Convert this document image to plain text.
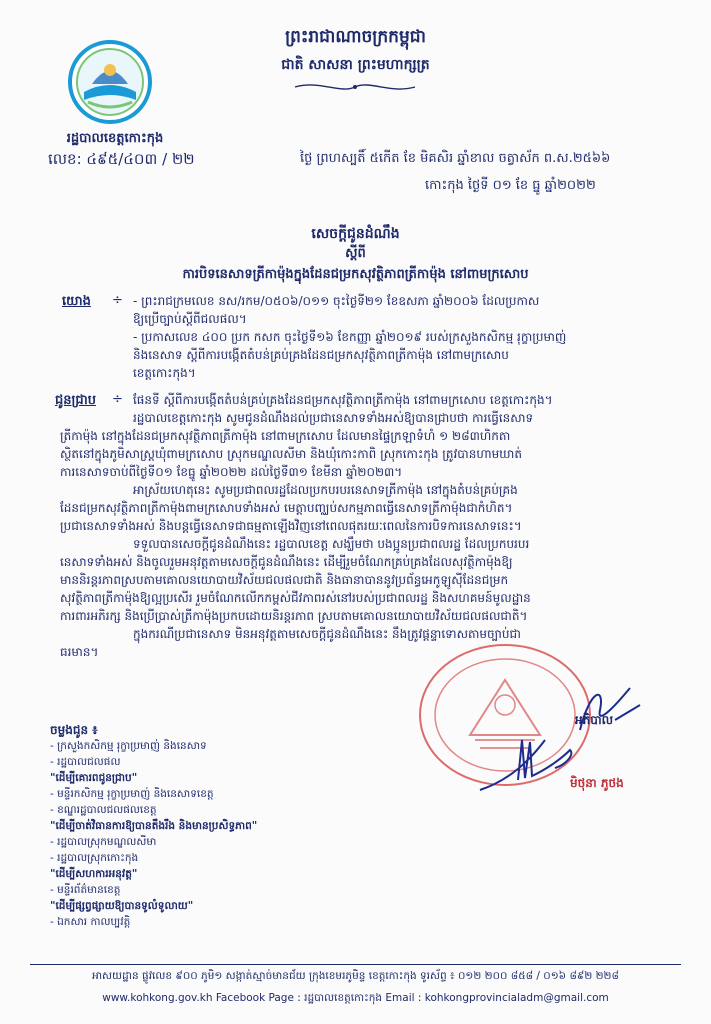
ព្រះរាជាណាចក្រកម្ពុជា
ជាតិ សាសនា ព្រះមហាក្សត្រ
រដ្ឋបាលខេត្តកោះកុង
លេខ: ៤៩៥/៤០៣ / ២២	ថ្ងៃ ព្រហស្បតិ៍ ៥កើត ខែ មិគសិរ ឆ្នាំខាល ចត្វាស័ក ព.ស.២៥៦៦
កោះកុង ថ្ងៃទី ០១ ខែ ធ្នូ ឆ្នាំ២០២២
សេចក្តីជូនដំណឹង
ស្តីពី
ការបិទនេសាទត្រីកាម៉ុងក្នុងដែនជម្រកសុវត្ថិភាពត្រីកាម៉ុង នៅពាមក្រសោប
យោង ÷ - ព្រះរាជក្រមលេខ នស/រកម/០៥០៦/០១១ ចុះថ្ងៃទី២១ ខែឧសភា ឆ្នាំ២០០៦ ដែលប្រកាស
ឱ្យប្រើច្បាប់ស្តីពីជលផល។
- ប្រកាសលេខ ៤០០ ប្រក កសក ចុះថ្ងៃទី១៦ ខែកញ្ញា ឆ្នាំ២០១៩ របស់ក្រសួងកសិកម្ម រុក្ខាប្រមាញ់
និងនេសាទ ស្តីពីការបង្កើតតំបន់គ្រប់គ្រងដែនជម្រកសុវត្ថិភាពត្រីកាម៉ុង នៅពាមក្រសោប
ខេត្តកោះកុង។
ជូនជ្រាប ÷ ផែនទី ស្តីពីការបង្កើតតំបន់គ្រប់គ្រងដែនជម្រកសុវត្ថិភាពត្រីកាម៉ុង នៅពាមក្រសោប ខេត្តកោះកុង។
រដ្ឋបាលខេត្តកោះកុង សូមជូនដំណឹងដល់ប្រជានេសាទទាំងអស់ឱ្យបានជ្រាបថា ការធ្វើនេសាទ
ត្រីកាម៉ុង នៅក្នុងដែនជម្រកសុវត្ថិភាពត្រីកាម៉ុង នៅពាមក្រសោប ដែលមានផ្ទៃក្រឡាទំហំ ១ ២៨៣ហិកតា
ស្ថិតនៅក្នុងភូមិសាស្ត្រឃុំពាមក្រសោប ស្រុកមណ្ឌលសីមា និងឃុំកោះកាពិ ស្រុកកោះកុង ត្រូវបានហាមឃាត់
ការនេសាទចាប់ពីថ្ងៃទី០១ ខែធ្នូ ឆ្នាំ២០២២ ដល់ថ្ងៃទី៣១ ខែមីនា ឆ្នាំ២០២៣។
អាស្រ័យហេតុនេះ សូមប្រជាពលរដ្ឋដែលប្រកបរបរនេសាទត្រីកាម៉ុង នៅក្នុងតំបន់គ្រប់គ្រង
ដែនជម្រកសុវត្ថិភាពត្រីកាម៉ុងពាមក្រសោបទាំងអស់ មេត្តាបញ្ឈប់សកម្មភាពធ្វើនេសាទត្រីកាម៉ុងជាកំហិត។
ប្រជានេសាទទាំងអស់ និងបន្តធ្វើនេសាទជាធម្មតាឡើងវិញនៅពេលផុតរយៈពេលនៃការបិទការនេសាទនេះ។
ទទួលបានសេចក្តីជូនដំណឹងនេះ រដ្ឋបាលខេត្ត សង្ឃឹមថា បងប្អូនប្រជាពលរដ្ឋ ដែលប្រកបរបរ
នេសាទទាំងអស់ និងចូលរួមអនុវត្តតាមសេចក្តីជូនដំណឹងនេះ ដើម្បីរួមចំណែកគ្រប់គ្រងដែលសុវត្ថិកាម៉ុងឱ្យ
មាននិរន្តរភាពស្របតាមគោលនយោបាយវិស័យជលផលជាតិ និងធានាបាននូវប្រព័ន្ធអេកូឡូស៊ីដែនជម្រក
សុវត្ថិភាពត្រីកាម៉ុងឱ្យល្អប្រសើរ រួមចំណែកលើកកម្ពស់ជីវភាពរស់នៅរបស់ប្រជាពលរដ្ឋ និងសហគមន៍មូលដ្ឋាន
ការពារអភិរក្ស និងប្រើប្រាស់ត្រីកាម៉ុងប្រកបដោយនិរន្តរភាព ស្របតាមគោលនយោបាយវិស័យជលផលជាតិ។
ក្នុងករណីប្រជានេសាទ មិនអនុវត្តតាមសេចក្តីជូនដំណឹងនេះ នឹងត្រូវផ្តន្ទាទោសតាមច្បាប់ជា
ធរមាន។
អភិបាល
មិថុនា ភូថង
ចម្លងជូន ៖
- ក្រសួងកសិកម្ម រុក្ខាប្រមាញ់ និងនេសាទ
- រដ្ឋបាលជលផល
"ដើម្បីគោរពជូនជ្រាប"
- មន្ទីរកសិកម្ម រុក្ខាប្រមាញ់ និងនេសាទខេត្ត
- ខណ្ឌរដ្ឋបាលជលផលខេត្ត
"ដើម្បីចាត់វិធានការឱ្យបានតឹងរឹង និងមានប្រសិទ្ធភាព"
- រដ្ឋបាលស្រុកមណ្ឌលសីមា
- រដ្ឋបាលស្រុកកោះកុង
"ដើម្បីសហការអនុវត្ត"
- មន្ទីរព័ត៌មានខេត្ត
"ដើម្បីផ្សព្វផ្សាយឱ្យបានទូលំទូលាយ"
- ឯកសារ កាលប្បវត្តិ
អាសយដ្ឋាន ផ្លូវលេខ ៩០០ ភូមិ១ សង្កាត់ស្មាច់មានជ័យ ក្រុងខេមរភូមិន្ទ ខេត្តកោះកុង ទូរស័ព្ទ ៖ ០១២ ២០០ ៨៥៨ / ០១៦ ៨៩២ ២២៨
www.kohkong.gov.kh Facebook Page : រដ្ឋបាលខេត្តកោះកុង Email : kohkongprovincialadm@gmail.com
